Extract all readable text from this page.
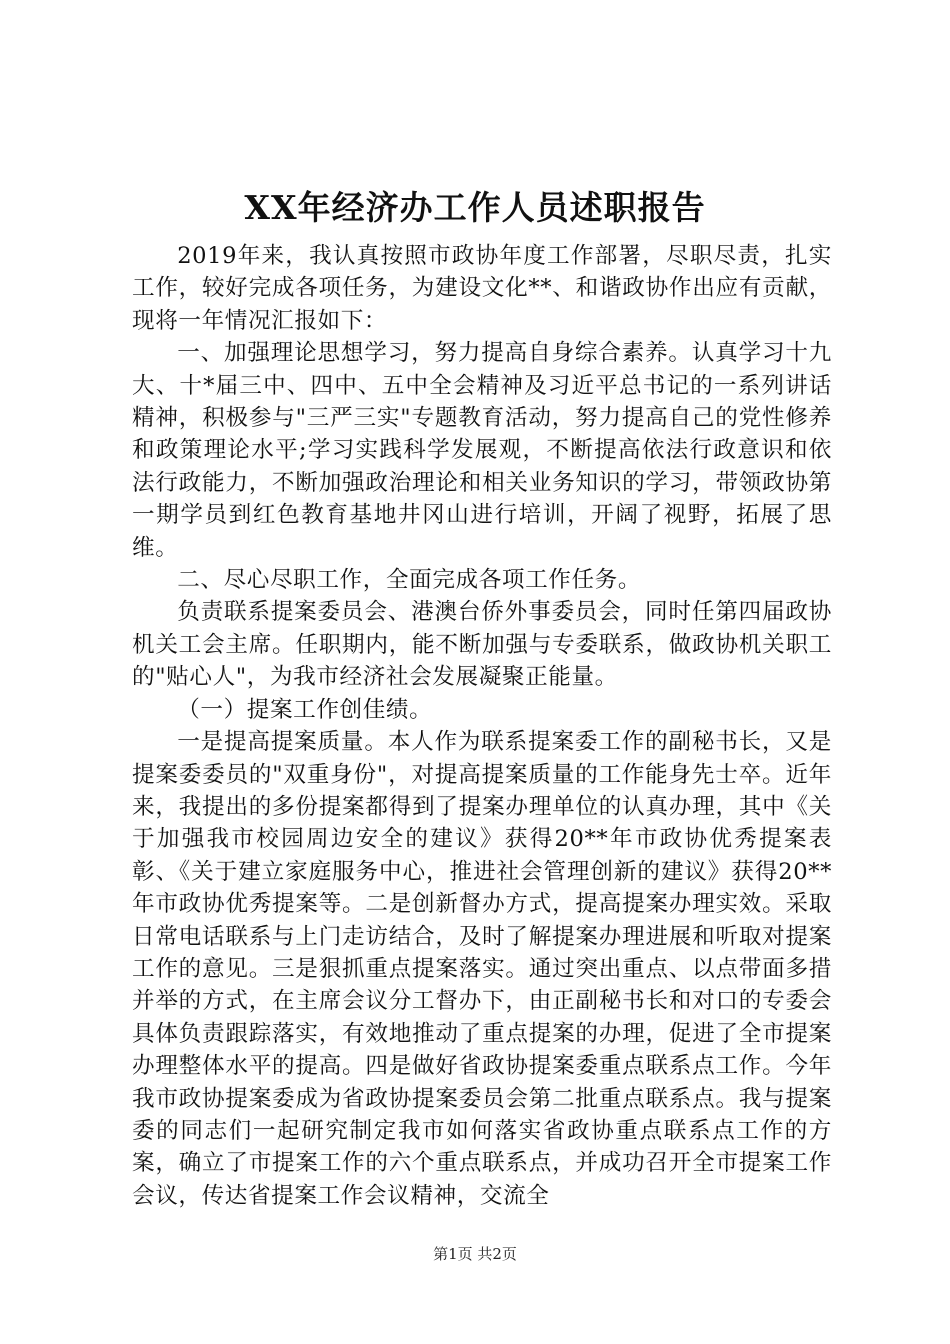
XX年经济办工作人员述职报告

2019年来，我认真按照市政协年度工作部署，尽职尽责，扎实工作，较好完成各项任务，为建设文化**、和谐政协作出应有贡献，现将一年情况汇报如下：

一、加强理论思想学习，努力提高自身综合素养。认真学习十九大、十*届三中、四中、五中全会精神及习近平总书记的一系列讲话精神，积极参与"三严三实"专题教育活动，努力提高自己的党性修养和政策理论水平;学习实践科学发展观，不断提高依法行政意识和依法行政能力，不断加强政治理论和相关业务知识的学习，带领政协第一期学员到红色教育基地井冈山进行培训，开阔了视野，拓展了思维。

二、尽心尽职工作，全面完成各项工作任务。

负责联系提案委员会、港澳台侨外事委员会，同时任第四届政协机关工会主席。任职期内，能不断加强与专委联系，做政协机关职工的"贴心人"，为我市经济社会发展凝聚正能量。

（一）提案工作创佳绩。

一是提高提案质量。本人作为联系提案委工作的副秘书长，又是提案委委员的"双重身份"，对提高提案质量的工作能身先士卒。近年来，我提出的多份提案都得到了提案办理单位的认真办理，其中《关于加强我市校园周边安全的建议》获得20**年市政协优秀提案表彰、《关于建立家庭服务中心，推进社会管理创新的建议》获得20**年市政协优秀提案等。二是创新督办方式，提高提案办理实效。采取日常电话联系与上门走访结合，及时了解提案办理进展和听取对提案工作的意见。三是狠抓重点提案落实。通过突出重点、以点带面多措并举的方式，在主席会议分工督办下，由正副秘书长和对口的专委会具体负责跟踪落实，有效地推动了重点提案的办理，促进了全市提案办理整体水平的提高。四是做好省政协提案委重点联系点工作。今年我市政协提案委成为省政协提案委员会第二批重点联系点。我与提案委的同志们一起研究制定我市如何落实省政协重点联系点工作的方案，确立了市提案工作的六个重点联系点，并成功召开全市提案工作会议，传达省提案工作会议精神，交流全

第1页 共2页
